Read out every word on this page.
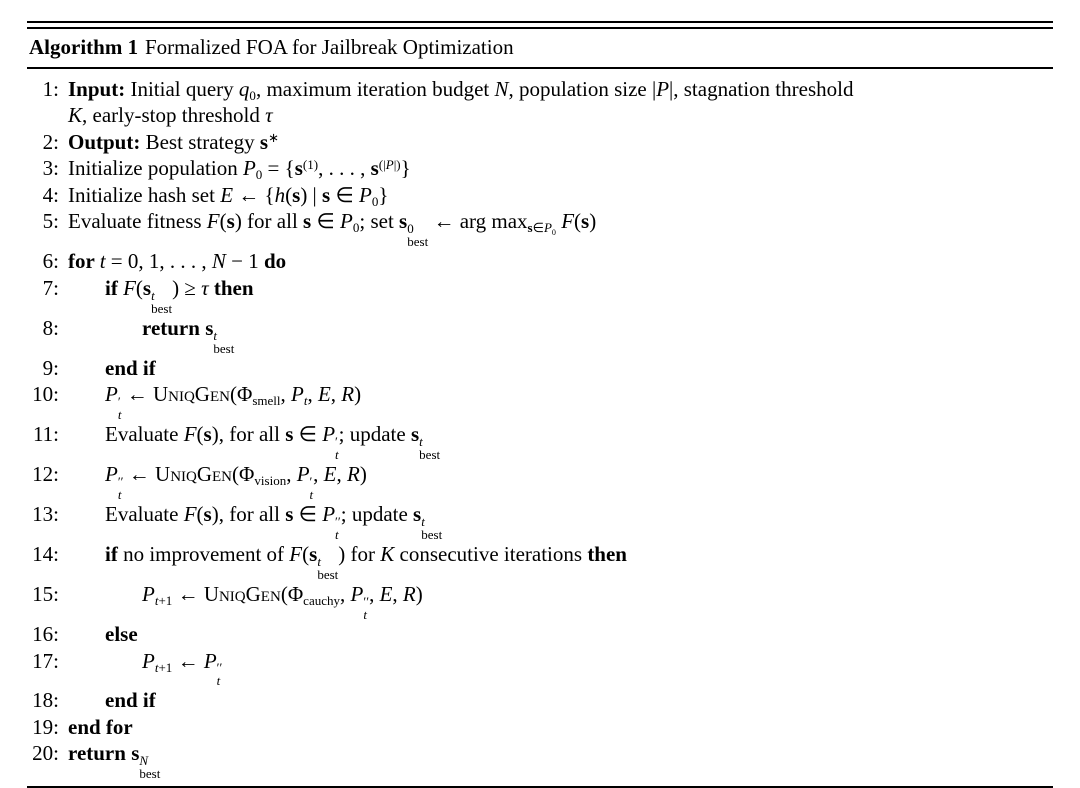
Algorithm 1 Formalized FOA for Jailbreak Optimization
1: Input: Initial query q0, maximum iteration budget N, population size |P|, stagnation threshold
K, early-stop threshold τ
2: Output: Best strategy s∗
3: Initialize population $P0 = \{s^{(1)}$, . . . , $s^{(|P|)}$}
4: Initialize hash set E ← {h(s) | s ∈ P0}
5: Evaluate fitness F(s) for all s ∈ P0; set s 0
best
← arg maxs∈P0 F(s)
6: for t = 0, 1, . . . , N − 1 do
7:	if F(s t
best
) ≥ τ then
8:	return s t
best
9:	end if
10:	P ′
t
← UniqGen(Φsmell, Pt, E, R)
11:	Evaluate F(s), for all s ∈ P ′
t
; update s t
best
12:	P ′′
t
← UniqGen(Φvision, P ′
t
, E, R)
13:	Evaluate F(s), for all s ∈ P ′′
t
; update s t
best
14:	if no improvement of F(s t
best
) for K consecutive iterations then
15:	Pt+1 ← UniqGen(Φcauchy, P ′′
t
, E, R)
16:	else
17:	Pt+1 ← P ′′
t
18:	end if
19: end for
20: return s N
best
